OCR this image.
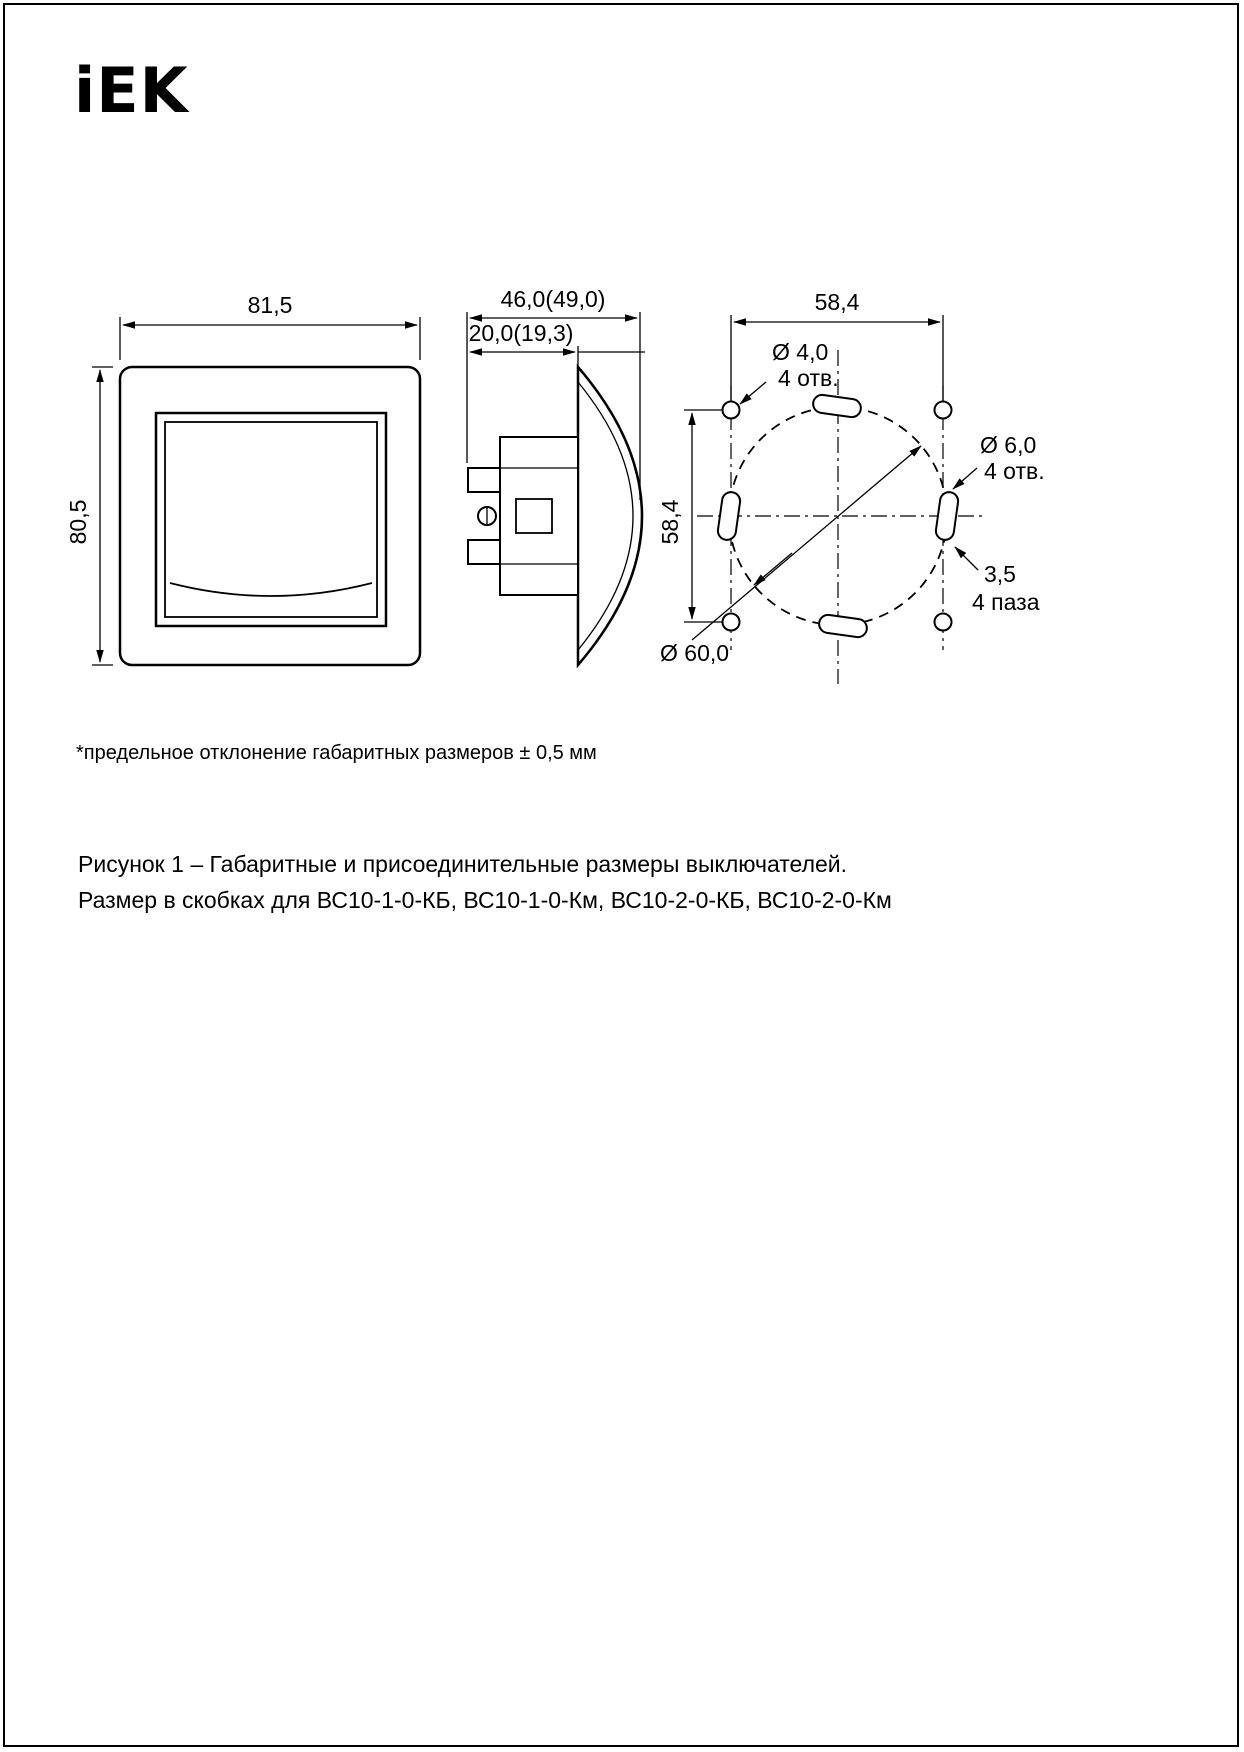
iEK
81,5
80,5
46,0(49,0)
20,0(19,3)
Ø 60,0
58,4
58,4
Ø 4,0
4 отв.
Ø 6,0
4 отв.
3,5
4 паза
*предельное отклонение габаритных размеров ± 0,5 мм
Рисунок 1 – Габаритные и присоединительные размеры выключателей.
Размер в скобках для ВС10-1-0-КБ, ВС10-1-0-Км, ВС10-2-0-КБ, ВС10-2-0-Км
